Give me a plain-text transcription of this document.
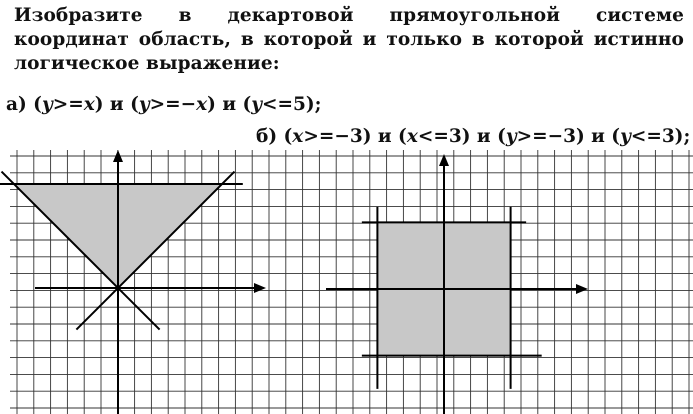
Изобразите в декартовой прямоугольной системе координат область, в которой и только в которой истинно логическое выражение:
а) (y>=x) и (y>=−x) и (y<=5);
б) (x>=−3) и (x<=3) и (y>=−3) и (y<=3);
